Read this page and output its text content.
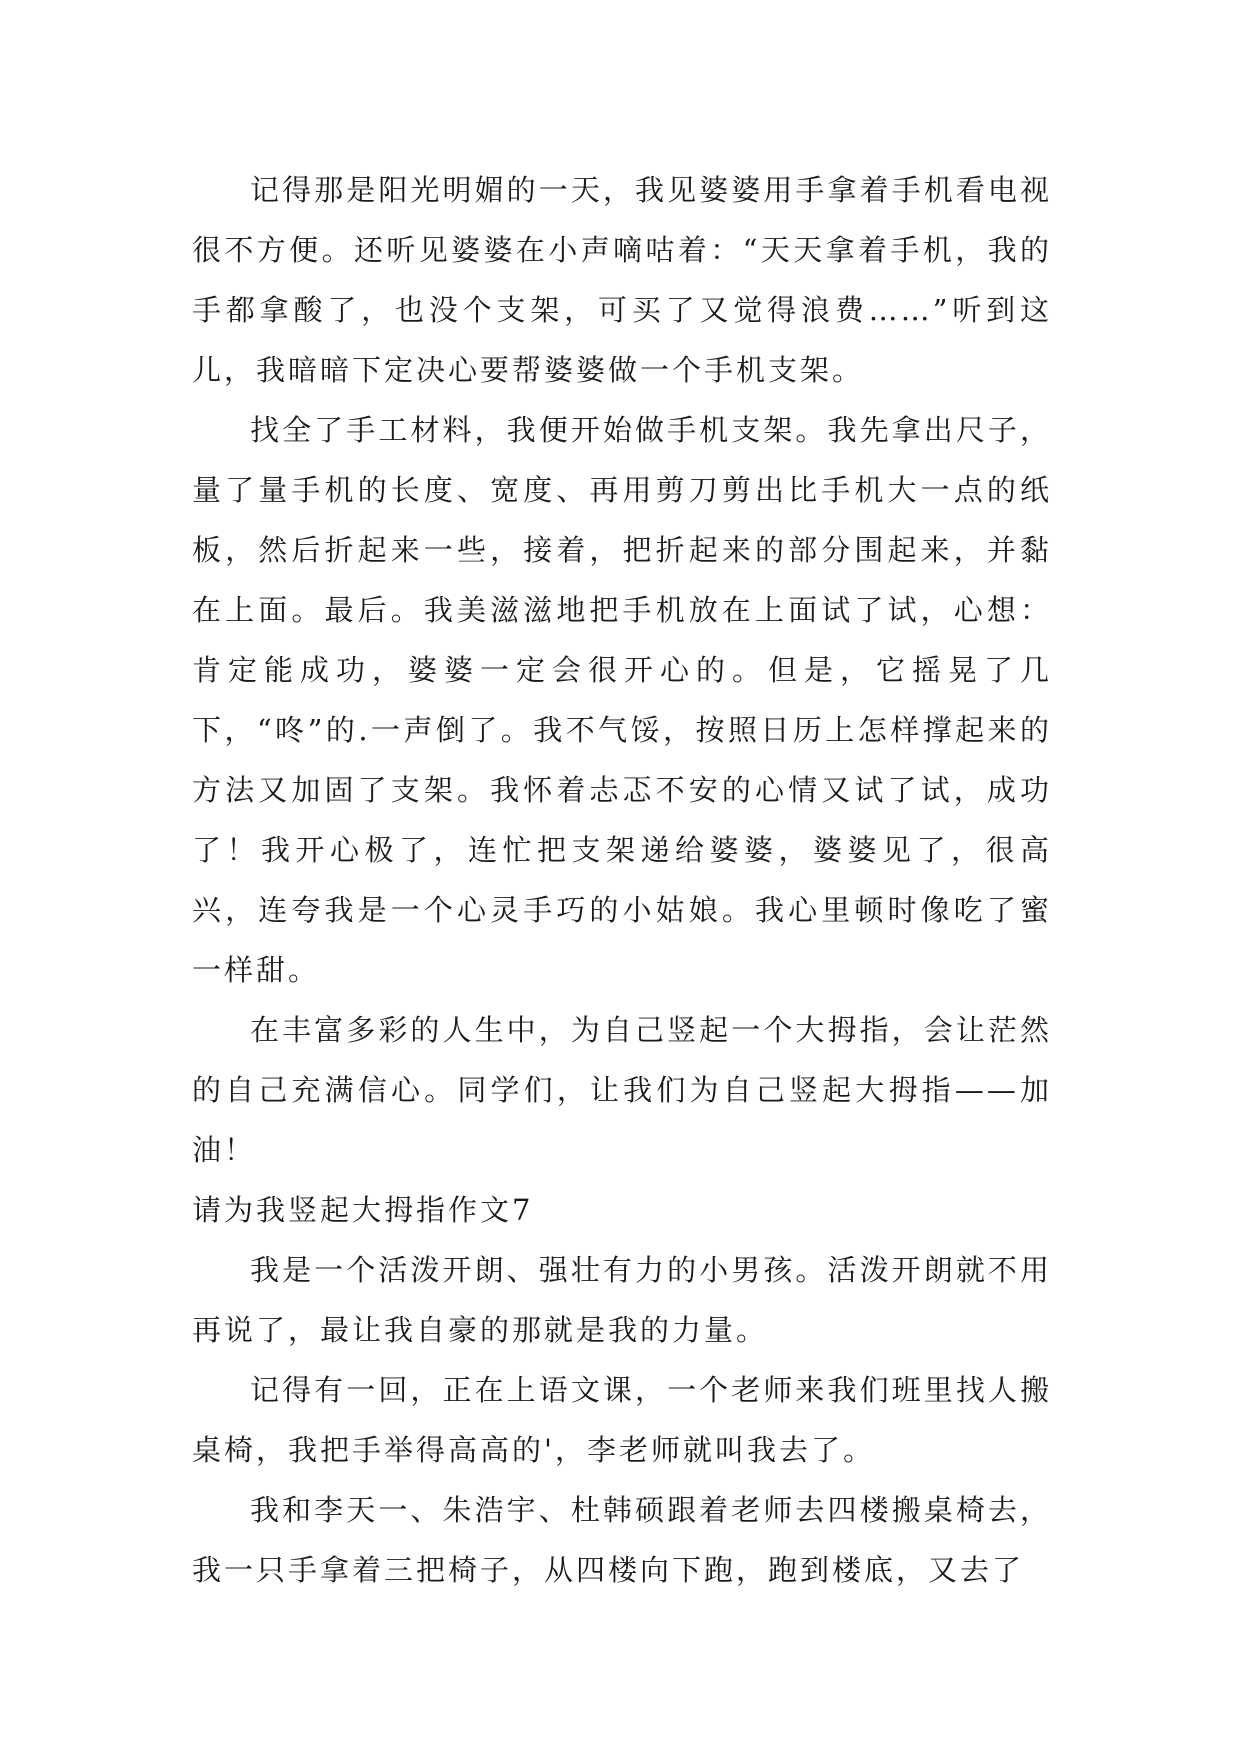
记得那是阳光明媚的一天，我见婆婆用手拿着手机看电视很不方便。还听见婆婆在小声嘀咕着：“天天拿着手机，我的手都拿酸了，也没个支架，可买了又觉得浪费……”听到这儿，我暗暗下定决心要帮婆婆做一个手机支架。

找全了手工材料，我便开始做手机支架。我先拿出尺子，量了量手机的长度、宽度、再用剪刀剪出比手机大一点的纸板，然后折起来一些，接着，把折起来的部分围起来，并黏在上面。最后。我美滋滋地把手机放在上面试了试，心想：肯定能成功，婆婆一定会很开心的。但是，它摇晃了几下，“咚”的.一声倒了。我不气馁，按照日历上怎样撑起来的方法又加固了支架。我怀着忐忑不安的心情又试了试，成功了！我开心极了，连忙把支架递给婆婆，婆婆见了，很高兴，连夸我是一个心灵手巧的小姑娘。我心里顿时像吃了蜜一样甜。

在丰富多彩的人生中，为自己竖起一个大拇指，会让茫然的自己充满信心。同学们，让我们为自己竖起大拇指——加油！

请为我竖起大拇指作文7

我是一个活泼开朗、强壮有力的小男孩。活泼开朗就不用再说了，最让我自豪的那就是我的力量。

记得有一回，正在上语文课，一个老师来我们班里找人搬桌椅，我把手举得高高的'，李老师就叫我去了。

我和李天一、朱浩宇、杜韩硕跟着老师去四楼搬桌椅去，我一只手拿着三把椅子，从四楼向下跑，跑到楼底，又去了
